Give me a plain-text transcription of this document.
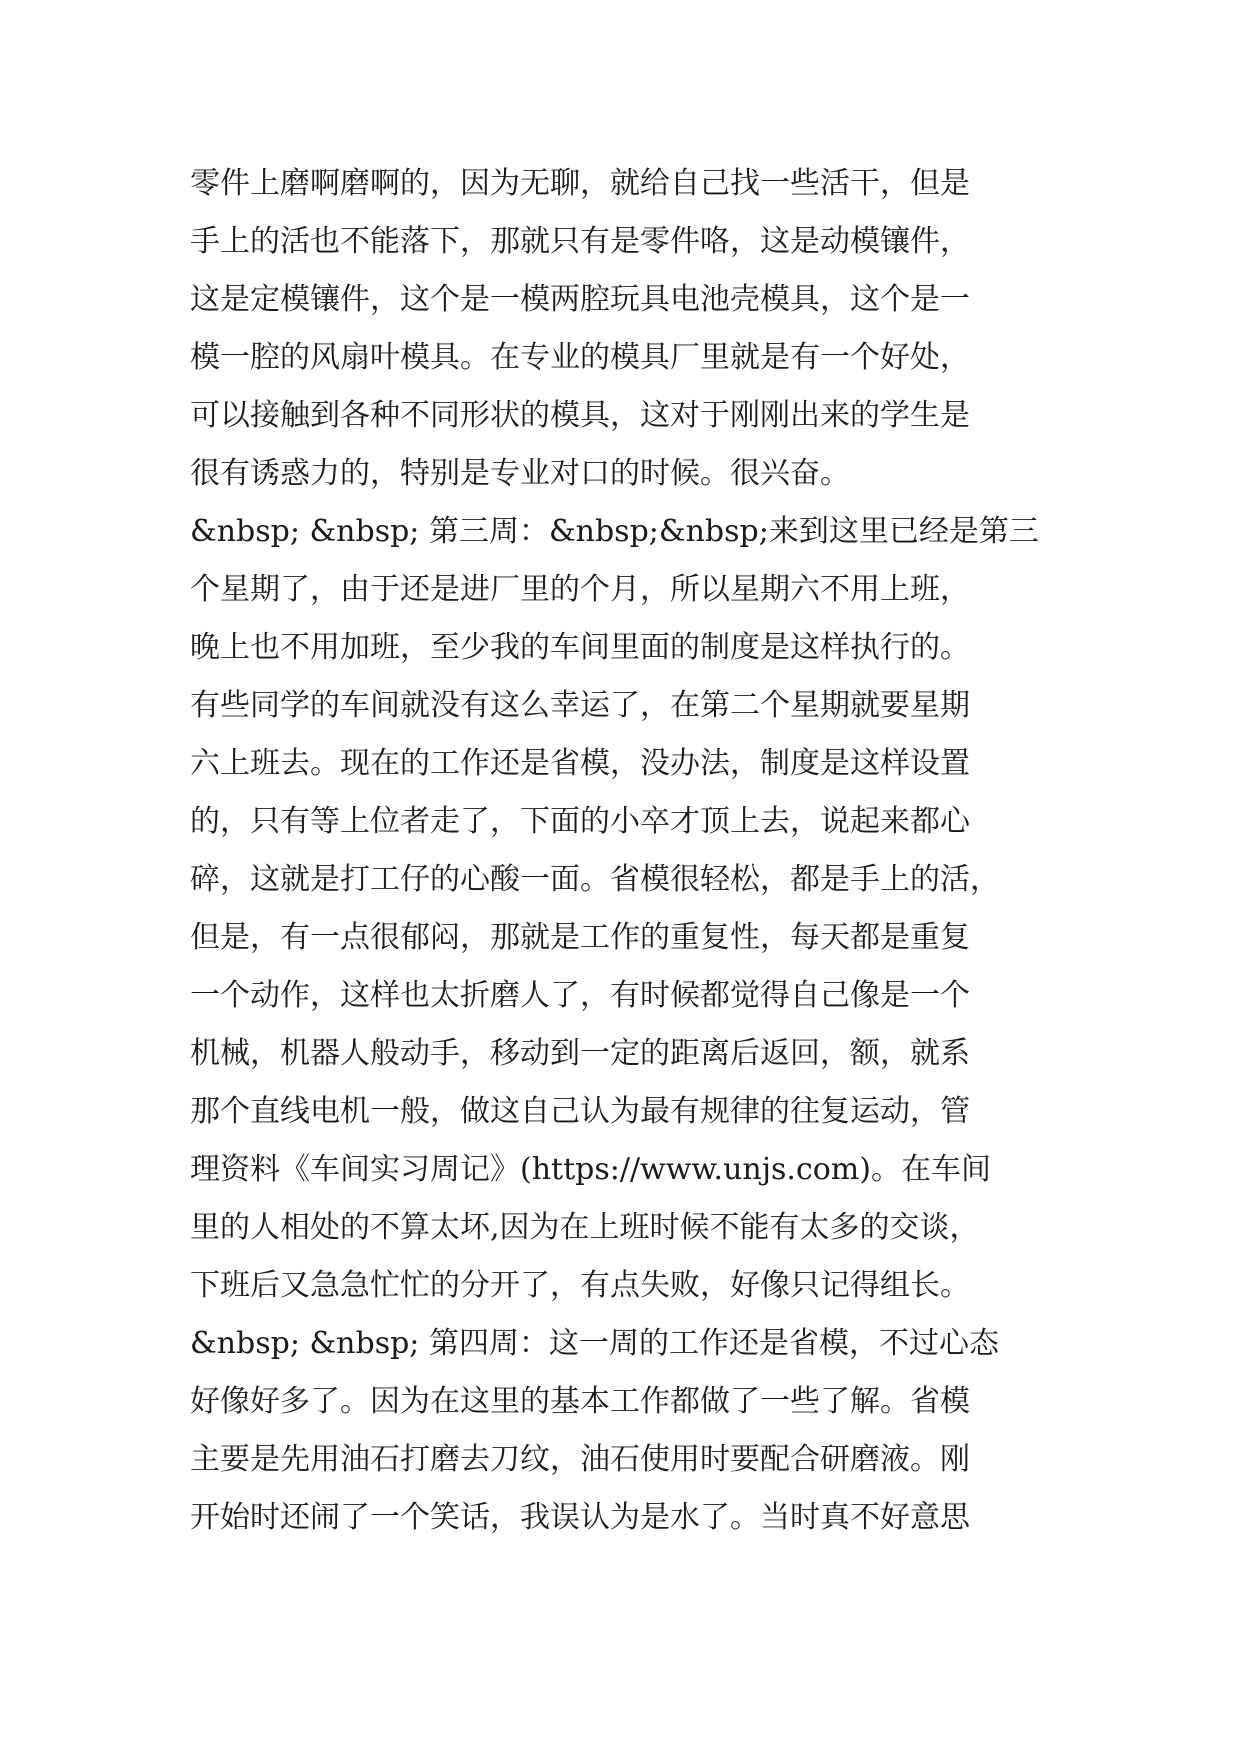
零件上磨啊磨啊的，因为无聊，就给自己找一些活干，但是
手上的活也不能落下，那就只有是零件咯，这是动模镶件，
这是定模镶件，这个是一模两腔玩具电池壳模具，这个是一
模一腔的风扇叶模具。在专业的模具厂里就是有一个好处，
可以接触到各种不同形状的模具，这对于刚刚出来的学生是
很有诱惑力的，特别是专业对口的时候。很兴奋。
&nbsp; &nbsp; 第三周：&nbsp;&nbsp;来到这里已经是第三
个星期了，由于还是进厂里的个月，所以星期六不用上班，
晚上也不用加班，至少我的车间里面的制度是这样执行的。
有些同学的车间就没有这么幸运了，在第二个星期就要星期
六上班去。现在的工作还是省模，没办法，制度是这样设置
的，只有等上位者走了，下面的小卒才顶上去，说起来都心
碎，这就是打工仔的心酸一面。省模很轻松，都是手上的活，
但是，有一点很郁闷，那就是工作的重复性，每天都是重复
一个动作，这样也太折磨人了，有时候都觉得自己像是一个
机械，机器人般动手，移动到一定的距离后返回，额，就系
那个直线电机一般，做这自己认为最有规律的往复运动，管
理资料《车间实习周记》(https://www.unjs.com)。在车间
里的人相处的不算太坏,因为在上班时候不能有太多的交谈，
下班后又急急忙忙的分开了，有点失败，好像只记得组长。
&nbsp; &nbsp; 第四周：这一周的工作还是省模，不过心态
好像好多了。因为在这里的基本工作都做了一些了解。省模
主要是先用油石打磨去刀纹，油石使用时要配合研磨液。刚
开始时还闹了一个笑话，我误认为是水了。当时真不好意思
